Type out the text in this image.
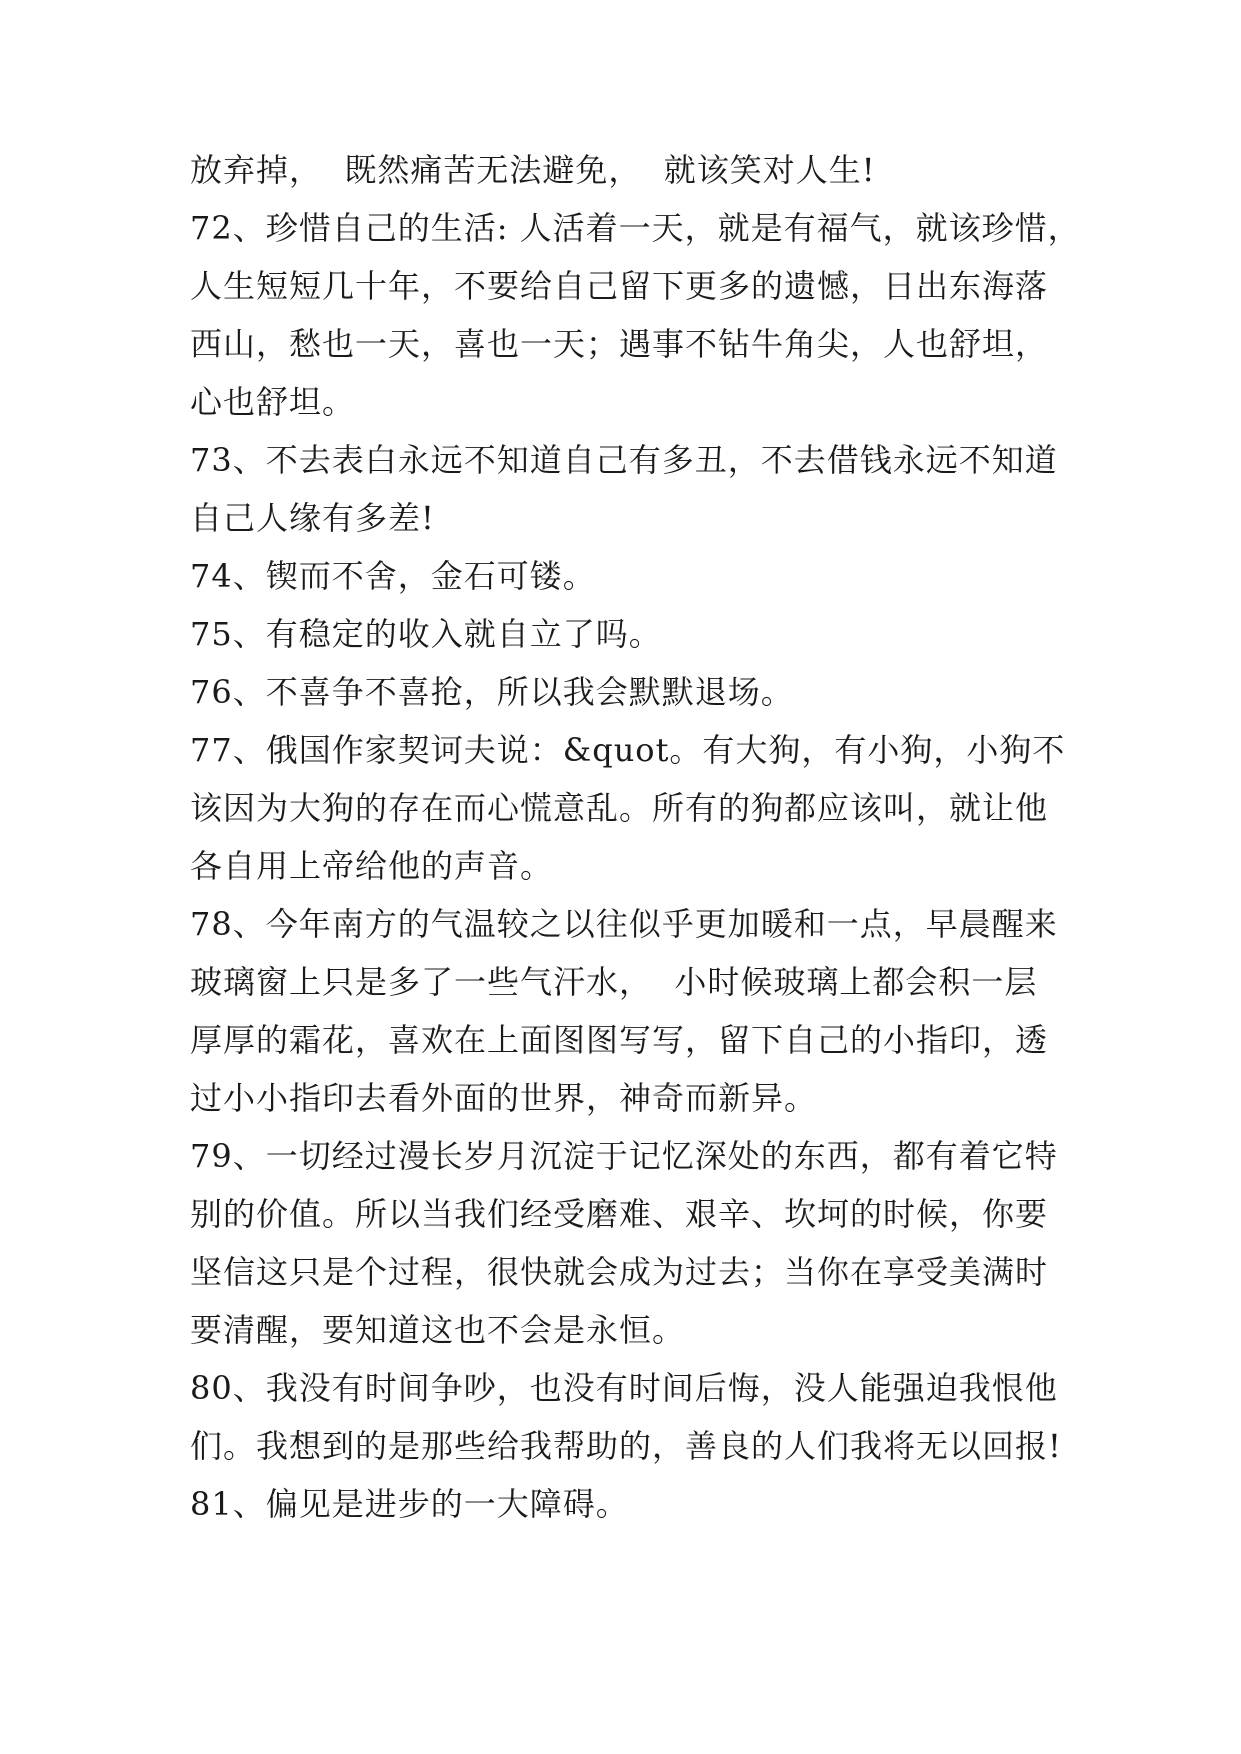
放弃掉，  既然痛苦无法避免，  就该笑对人生!
72、珍惜自己的生活: 人活着一天，就是有福气，就该珍惜，
人生短短几十年，不要给自己留下更多的遗憾，日出东海落
西山，愁也一天，喜也一天；遇事不钻牛角尖，人也舒坦，
心也舒坦。
73、不去表白永远不知道自己有多丑，不去借钱永远不知道
自己人缘有多差!
74、锲而不舍，金石可镂。
75、有稳定的收入就自立了吗。
76、不喜争不喜抢，所以我会默默退场。
77、俄国作家契诃夫说：&quot。有大狗，有小狗，小狗不
该因为大狗的存在而心慌意乱。所有的狗都应该叫，就让他
各自用上帝给他的声音。
78、今年南方的气温较之以往似乎更加暖和一点，早晨醒来
玻璃窗上只是多了一些气汗水，  小时候玻璃上都会积一层
厚厚的霜花，喜欢在上面图图写写，留下自己的小指印，透
过小小指印去看外面的世界，神奇而新异。
79、一切经过漫长岁月沉淀于记忆深处的东西，都有着它特
别的价值。所以当我们经受磨难、艰辛、坎坷的时候，你要
坚信这只是个过程，很快就会成为过去；当你在享受美满时
要清醒，要知道这也不会是永恒。
80、我没有时间争吵，也没有时间后悔，没人能强迫我恨他
们。我想到的是那些给我帮助的，善良的人们我将无以回报!
81、偏见是进步的一大障碍。
